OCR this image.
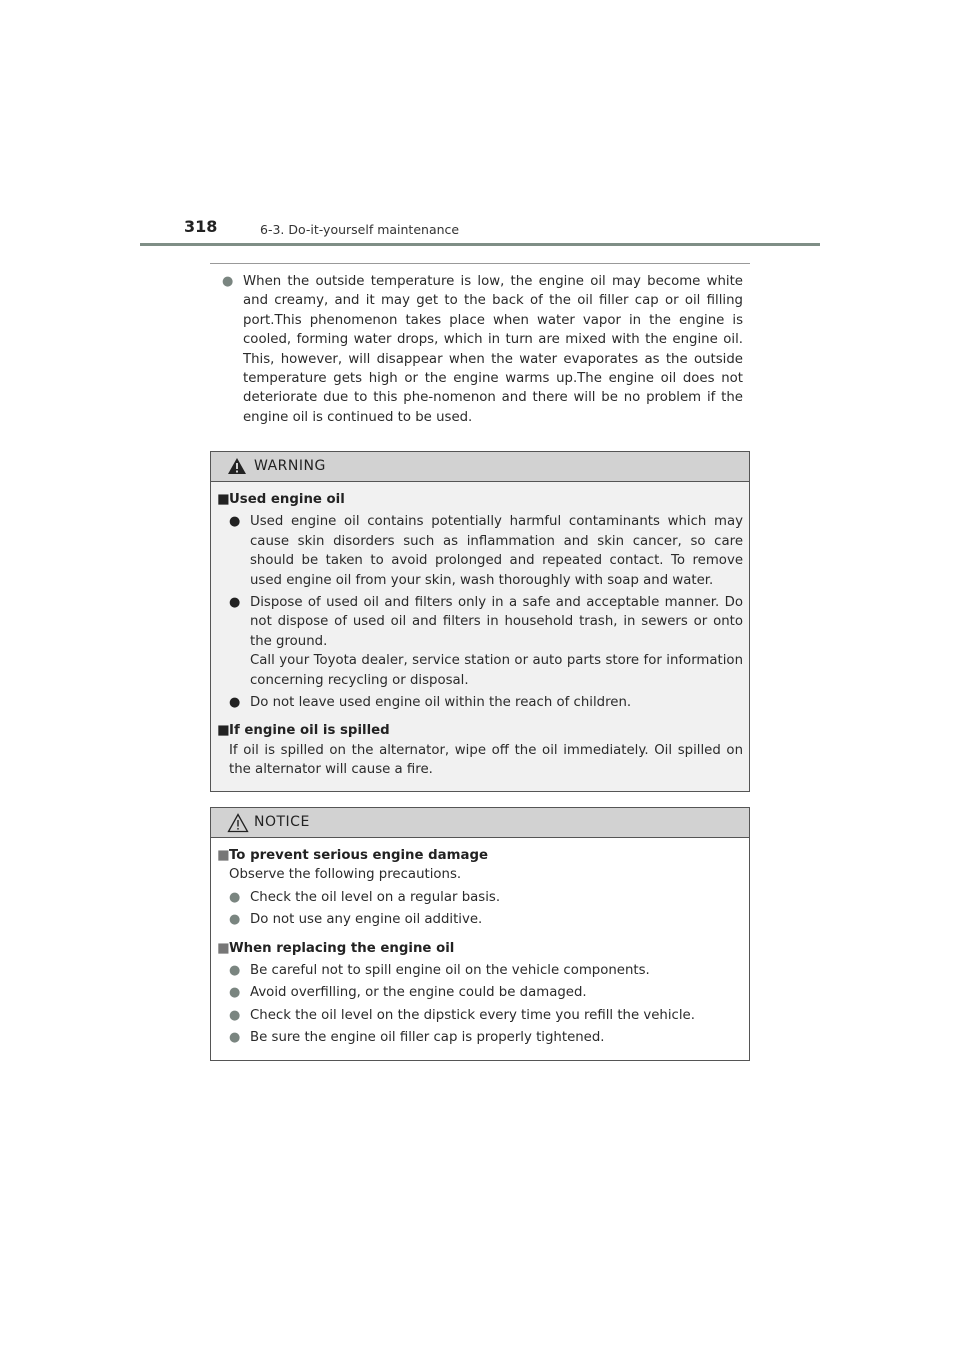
318	6-3. Do-it-yourself maintenance
● When the outside temperature is low, the engine oil may become white and creamy, and it may get to the back of the oil filler cap or oil filling port.This phenomenon takes place when water vapor in the engine is cooled, forming water drops, which in turn are mixed with the engine oil. This, however, will disappear when the water evaporates as the outside temperature gets high or the engine warms up.The engine oil does not deteriorate due to this phe-nomenon and there will be no problem if the engine oil is continued to be used.
WARNING
■ Used engine oil
● Used engine oil contains potentially harmful contaminants which may cause skin disorders such as inflammation and skin cancer, so care should be taken to avoid prolonged and repeated contact. To remove used engine oil from your skin, wash thoroughly with soap and water.
● Dispose of used oil and filters only in a safe and acceptable manner. Do not dispose of used oil and filters in household trash, in sewers or onto the ground.
Call your Toyota dealer, service station or auto parts store for information concerning recycling or disposal.
● Do not leave used engine oil within the reach of children.
■ If engine oil is spilled
If oil is spilled on the alternator, wipe off the oil immediately. Oil spilled on the alternator will cause a fire.
NOTICE
■ To prevent serious engine damage
Observe the following precautions.
● Check the oil level on a regular basis.
● Do not use any engine oil additive.
■ When replacing the engine oil
● Be careful not to spill engine oil on the vehicle components.
● Avoid overfilling, or the engine could be damaged.
● Check the oil level on the dipstick every time you refill the vehicle.
● Be sure the engine oil filler cap is properly tightened.
